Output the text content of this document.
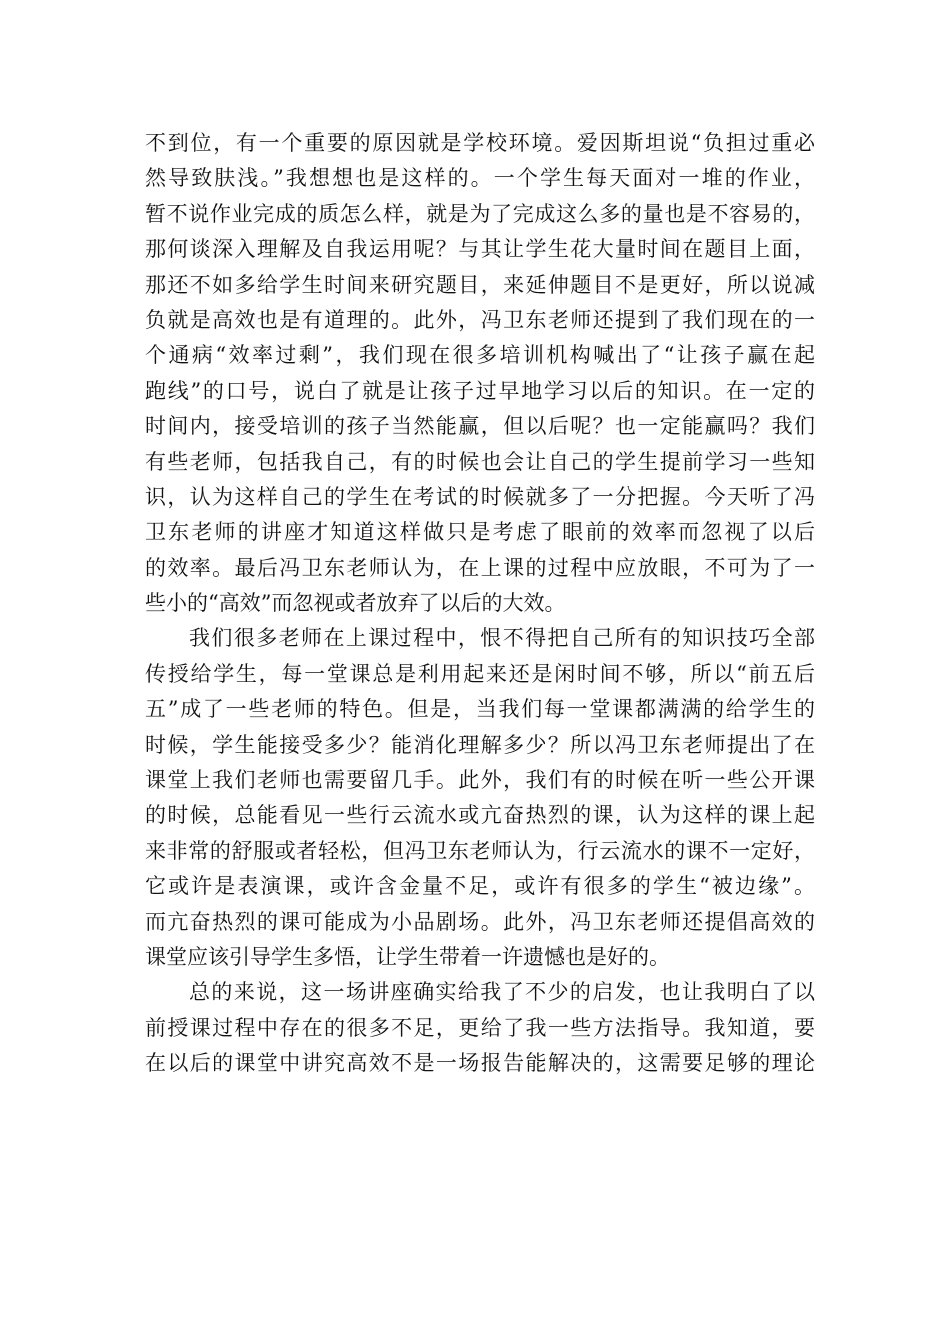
不到位，有一个重要的原因就是学校环境。爱因斯坦说“负担过重必
然导致肤浅。”我想想也是这样的。一个学生每天面对一堆的作业，
暂不说作业完成的质怎么样，就是为了完成这么多的量也是不容易的，
那何谈深入理解及自我运用呢？与其让学生花大量时间在题目上面，
那还不如多给学生时间来研究题目，来延伸题目不是更好，所以说减
负就是高效也是有道理的。此外，冯卫东老师还提到了我们现在的一
个通病“效率过剩”，我们现在很多培训机构喊出了“让孩子赢在起
跑线”的口号，说白了就是让孩子过早地学习以后的知识。在一定的
时间内，接受培训的孩子当然能赢，但以后呢？也一定能赢吗？我们
有些老师，包括我自己，有的时候也会让自己的学生提前学习一些知
识，认为这样自己的学生在考试的时候就多了一分把握。今天听了冯
卫东老师的讲座才知道这样做只是考虑了眼前的效率而忽视了以后
的效率。最后冯卫东老师认为，在上课的过程中应放眼，不可为了一
些小的“高效”而忽视或者放弃了以后的大效。
我们很多老师在上课过程中，恨不得把自己所有的知识技巧全部
传授给学生，每一堂课总是利用起来还是闲时间不够，所以“前五后
五”成了一些老师的特色。但是，当我们每一堂课都满满的给学生的
时候，学生能接受多少？能消化理解多少？所以冯卫东老师提出了在
课堂上我们老师也需要留几手。此外，我们有的时候在听一些公开课
的时候，总能看见一些行云流水或亢奋热烈的课，认为这样的课上起
来非常的舒服或者轻松，但冯卫东老师认为，行云流水的课不一定好，
它或许是表演课，或许含金量不足，或许有很多的学生“被边缘”。
而亢奋热烈的课可能成为小品剧场。此外，冯卫东老师还提倡高效的
课堂应该引导学生多悟，让学生带着一许遗憾也是好的。
总的来说，这一场讲座确实给我了不少的启发，也让我明白了以
前授课过程中存在的很多不足，更给了我一些方法指导。我知道，要
在以后的课堂中讲究高效不是一场报告能解决的，这需要足够的理论
